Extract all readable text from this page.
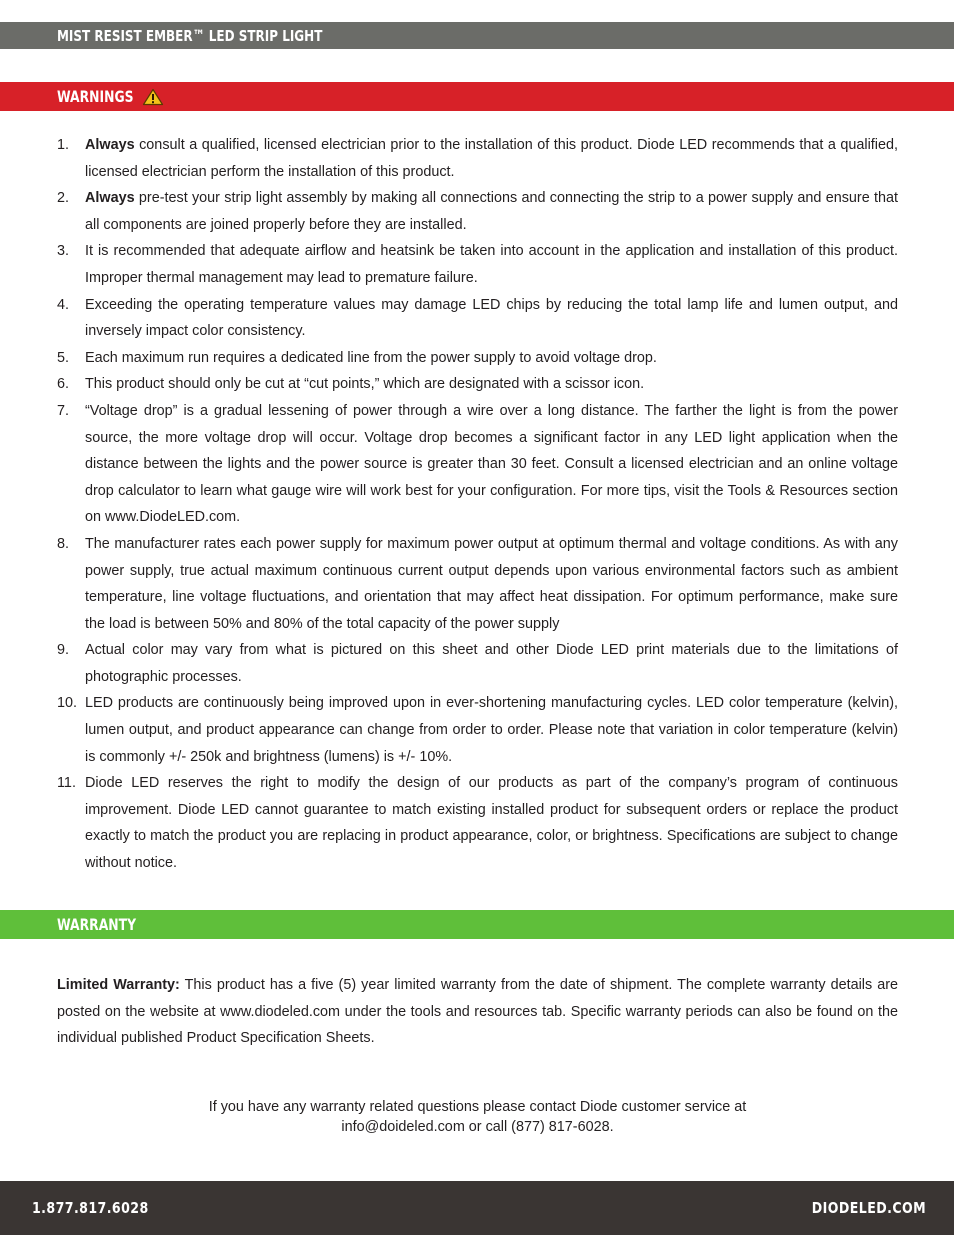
MIST RESIST EMBER™ LED STRIP LIGHT
WARNINGS
1. Always consult a qualified, licensed electrician prior to the installation of this product. Diode LED recommends that a qualified, licensed electrician perform the installation of this product.
2. Always pre-test your strip light assembly by making all connections and connecting the strip to a power supply and ensure that all components are joined properly before they are installed.
3. It is recommended that adequate airflow and heatsink be taken into account in the application and installation of this product. Improper thermal management may lead to premature failure.
4. Exceeding the operating temperature values may damage LED chips by reducing the total lamp life and lumen output, and inversely impact color consistency.
5. Each maximum run requires a dedicated line from the power supply to avoid voltage drop.
6. This product should only be cut at “cut points,” which are designated with a scissor icon.
7. “Voltage drop” is a gradual lessening of power through a wire over a long distance. The farther the light is from the power source, the more voltage drop will occur. Voltage drop becomes a significant factor in any LED light application when the distance between the lights and the power source is greater than 30 feet. Consult a licensed electrician and an online voltage drop calculator to learn what gauge wire will work best for your configuration. For more tips, visit the Tools & Resources section on www.DiodeLED.com.
8. The manufacturer rates each power supply for maximum power output at optimum thermal and voltage conditions. As with any power supply, true actual maximum continuous current output depends upon various environmental factors such as ambient temperature, line voltage fluctuations, and orientation that may affect heat dissipation. For optimum performance, make sure the load is between 50% and 80% of the total capacity of the power supply
9. Actual color may vary from what is pictured on this sheet and other Diode LED print materials due to the limitations of photographic processes.
10. LED products are continuously being improved upon in ever-shortening manufacturing cycles. LED color temperature (kelvin), lumen output, and product appearance can change from order to order. Please note that variation in color temperature (kelvin) is commonly +/- 250k and brightness (lumens) is +/- 10%.
11. Diode LED reserves the right to modify the design of our products as part of the company’s program of continuous improvement. Diode LED cannot guarantee to match existing installed product for subsequent orders or replace the product exactly to match the product you are replacing in product appearance, color, or brightness. Specifications are subject to change without notice.
WARRANTY

Limited Warranty: This product has a five (5) year limited warranty from the date of shipment. The complete warranty details are posted on the website at www.diodeled.com under the tools and resources tab. Specific warranty periods can also be found on the individual published Product Specification Sheets.

If you have any warranty related questions please contact Diode customer service at
info@doideled.com or call (877) 817-6028.

1.877.817.6028	DIODELED.COM
